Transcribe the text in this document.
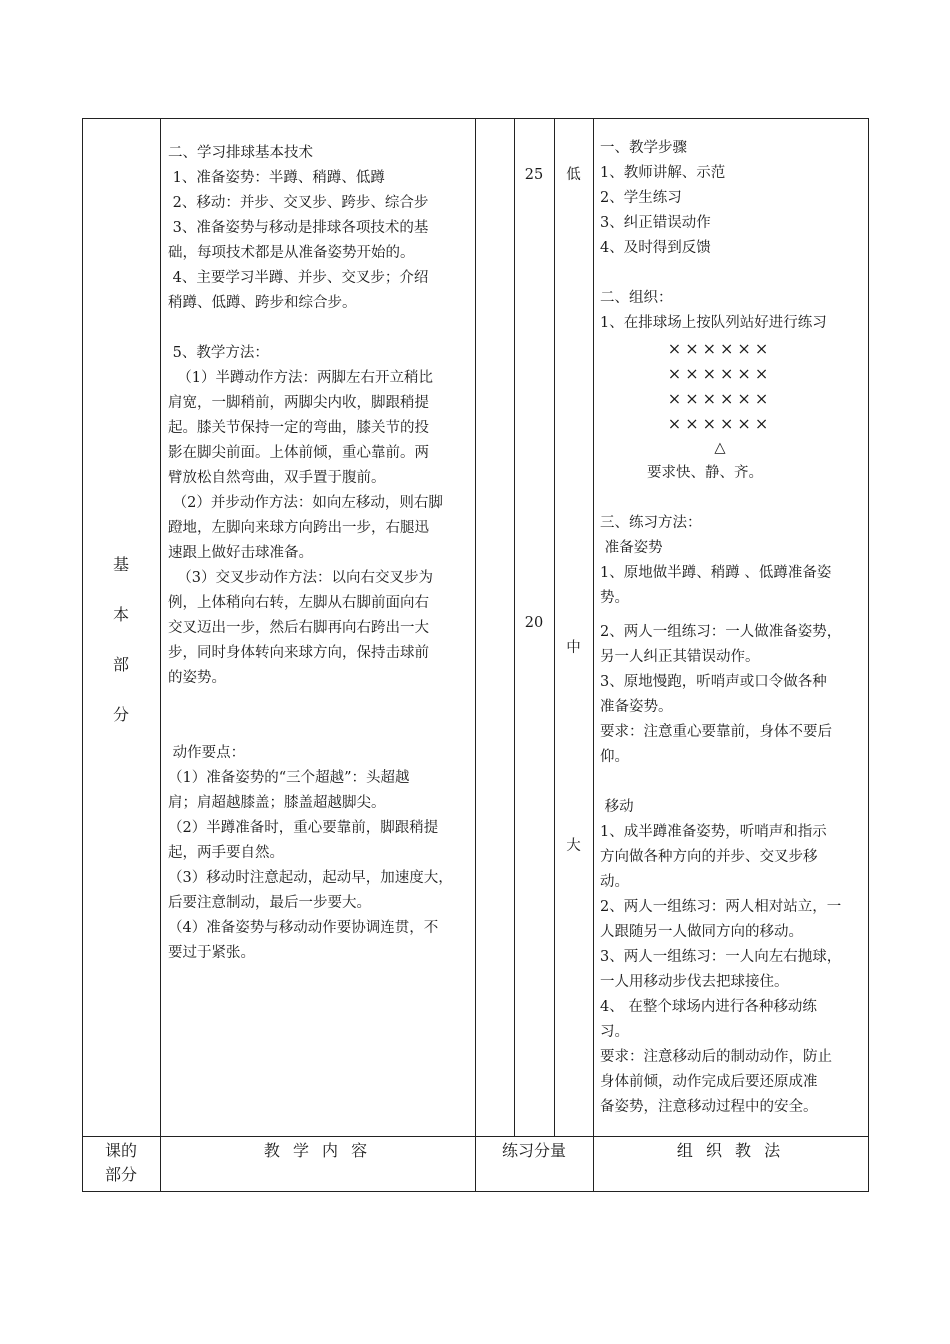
基
本
部
分

二、学习排球基本技术

1、准备姿势：半蹲、稍蹲、低蹲

2、移动：并步、交叉步、跨步、综合步

3、准备姿势与移动是排球各项技术的基

础，每项技术都是从准备姿势开始的。

4、主要学习半蹲、并步、交叉步；介绍

稍蹲、低蹲、跨步和综合步。

5、教学方法：

（1）半蹲动作方法：两脚左右开立稍比

肩宽，一脚稍前，两脚尖内收，脚跟稍提

起。膝关节保持一定的弯曲，膝关节的投

影在脚尖前面。上体前倾，重心靠前。两

臂放松自然弯曲，双手置于腹前。

（2）并步动作方法：如向左移动，则右脚

蹬地，左脚向来球方向跨出一步，右腿迅

速跟上做好击球准备。

（3）交叉步动作方法：以向右交叉步为

例，上体稍向右转，左脚从右脚前面向右

交叉迈出一步，然后右脚再向右跨出一大

步，同时身体转向来球方向，保持击球前

的姿势。

动作要点：

（1）准备姿势的“三个超越”：头超越

肩；肩超越膝盖；膝盖超越脚尖。

（2）半蹲准备时，重心要靠前，脚跟稍提

起，两手要自然。

（3）移动时注意起动，起动早，加速度大，

后要注意制动，最后一步要大。

（4）准备姿势与移动动作要协调连贯，不

要过于紧张。

25
20
低
中
大

一、教学步骤

1、教师讲解、示范

2、学生练习

3、纠正错误动作

4、及时得到反馈

二、组织：
1、在排球场上按队列站好进行练习
××××××
××××××
××××××
××××××
△
要求快、静、齐。

三、练习方法：

准备姿势

1、原地做半蹲、稍蹲 、低蹲准备姿

势。

2、两人一组练习：一人做准备姿势，

另一人纠正其错误动作。

3、原地慢跑，听哨声或口令做各种

准备姿势。

要求：注意重心要靠前，身体不要后

仰。

移动

1、成半蹲准备姿势，听哨声和指示

方向做各种方向的并步、交叉步移

动。

2、两人一组练习：两人相对站立，一

人跟随另一人做同方向的移动。

3、两人一组练习：一人向左右抛球，

一人用移动步伐去把球接住。

4、 在整个球场内进行各种移动练

习。

要求：注意移动后的制动动作，防止

身体前倾，动作完成后要还原成准

备姿势，注意移动过程中的安全。

课的
部分
教 学 内 容	练习分量	组 织 教 法
